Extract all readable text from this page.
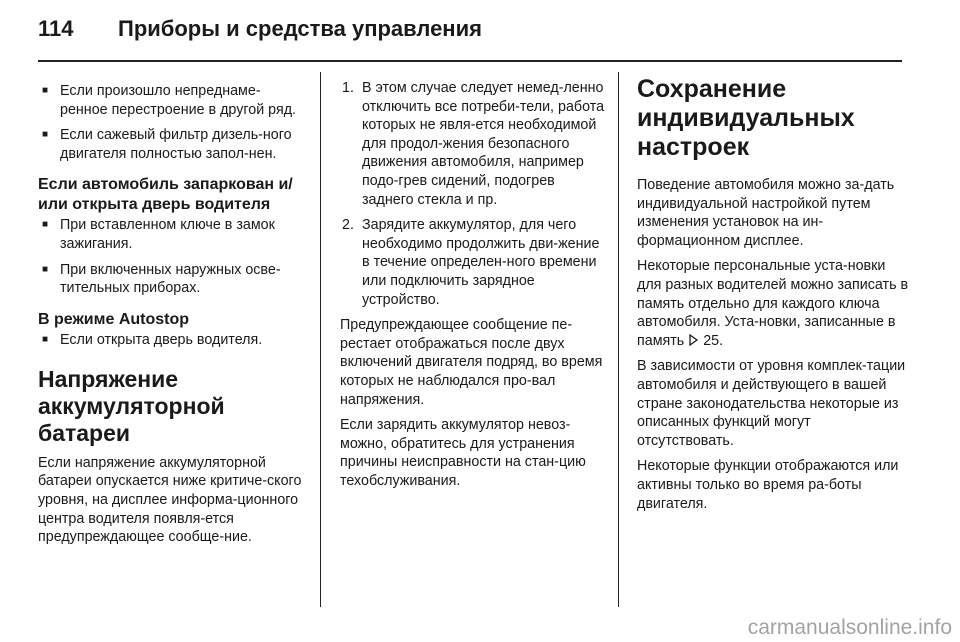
114 Приборы и средства управления
■ Если произошло непреднаме-ренное перестроение в другой ряд.
■ Если сажевый фильтр дизель-ного двигателя полностью запол-нен.
Если автомобиль запаркован и/или открыта дверь водителя
■ При вставленном ключе в замок зажигания.
■ При включенных наружных осве-тительных приборах.
В режиме Autostop
■ Если открыта дверь водителя.
Напряжение аккумуляторной батареи

Если напряжение аккумуляторной батареи опускается ниже критиче-ского уровня, на дисплее информа-ционного центра водителя появля-ется предупреждающее сообще-ние.

1. В этом случае следует немед-ленно отключить все потреби-тели, работа которых не явля-ется необходимой для продол-жения безопасного движения автомобиля, например подо-грев сидений, подогрев заднего стекла и пр.
2. Зарядите аккумулятор, для чего необходимо продолжить дви-жение в течение определен-ного времени или подключить зарядное устройство.

Предупреждающее сообщение пе-рестает отображаться после двух включений двигателя подряд, во время которых не наблюдался про-вал напряжения.

Если зарядить аккумулятор невоз-можно, обратитесь для устранения причины неисправности на стан-цию техобслуживания.

Сохранение индивидуальных настроек

Поведение автомобиля можно за-дать индивидуальной настройкой путем изменения установок на ин-формационном дисплее.

Некоторые персональные уста-новки для разных водителей можно записать в память отдельно для каждого ключа автомобиля. Уста-новки, записанные в память 25.

В зависимости от уровня комплек-тации автомобиля и действующего в вашей стране законодательства некоторые из описанных функций могут отсутствовать.

Некоторые функции отображаются или активны только во время ра-боты двигателя.

carmanualsonline.info
